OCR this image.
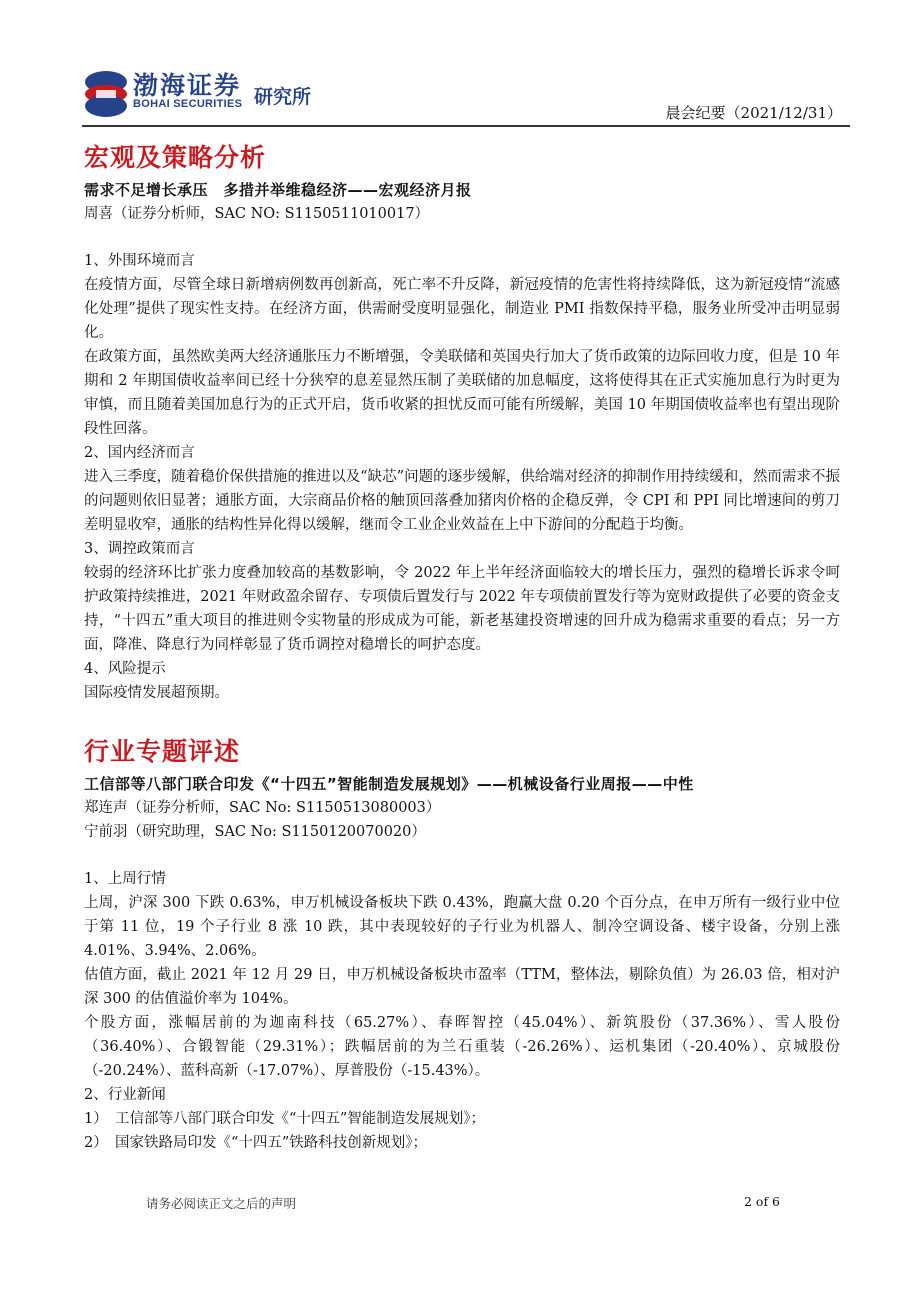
渤海证券
BOHAI SECURITIES 研究所
晨会纪要（2021/12/31）
宏观及策略分析
需求不足增长承压　多措并举维稳经济——宏观经济月报
周喜（证券分析师，SAC NO: S1150511010017）

1、外围环境而言

在疫情方面，尽管全球日新增病例数再创新高，死亡率不升反降，新冠疫情的危害性将持续降低，这为新冠疫情“流感化处理”提供了现实性支持。在经济方面，供需耐受度明显强化，制造业 PMI 指数保持平稳，服务业所受冲击明显弱化。

在政策方面，虽然欧美两大经济通胀压力不断增强，令美联储和英国央行加大了货币政策的边际回收力度，但是 10 年期和 2 年期国债收益率间已经十分狭窄的息差显然压制了美联储的加息幅度，这将使得其在正式实施加息行为时更为审慎，而且随着美国加息行为的正式开启，货币收紧的担忧反而可能有所缓解，美国 10 年期国债收益率也有望出现阶段性回落。

2、国内经济而言

进入三季度，随着稳价保供措施的推进以及“缺芯”问题的逐步缓解，供给端对经济的抑制作用持续缓和，然而需求不振的问题则依旧显著；通胀方面，大宗商品价格的触顶回落叠加猪肉价格的企稳反弹，令 CPI 和 PPI 同比增速间的剪刀差明显收窄，通胀的结构性异化得以缓解，继而令工业企业效益在上中下游间的分配趋于均衡。

3、调控政策而言

较弱的经济环比扩张力度叠加较高的基数影响，令 2022 年上半年经济面临较大的增长压力，强烈的稳增长诉求令呵护政策持续推进，2021 年财政盈余留存、专项债后置发行与 2022 年专项债前置发行等为宽财政提供了必要的资金支持，“十四五”重大项目的推进则令实物量的形成成为可能，新老基建投资增速的回升成为稳需求重要的看点；另一方面，降准、降息行为同样彰显了货币调控对稳增长的呵护态度。

4、风险提示

国际疫情发展超预期。

行业专题评述
工信部等八部门联合印发《“十四五”智能制造发展规划》——机械设备行业周报——中性
郑连声（证券分析师，SAC No: S1150513080003）
宁前羽（研究助理，SAC No: S1150120070020）

1、上周行情

上周，沪深 300 下跌 0.63%，申万机械设备板块下跌 0.43%，跑赢大盘 0.20 个百分点，在申万所有一级行业中位于第 11 位，19 个子行业 8 涨 10 跌，其中表现较好的子行业为机器人、制冷空调设备、楼宇设备，分别上涨 4.01%、3.94%、2.06%。

估值方面，截止 2021 年 12 月 29 日，申万机械设备板块市盈率（TTM，整体法，剔除负值）为 26.03 倍，相对沪深 300 的估值溢价率为 104%。

个股方面，涨幅居前的为迦南科技（65.27%）、春晖智控（45.04%）、新筑股份（37.36%）、雪人股份（36.40%）、合锻智能（29.31%）；跌幅居前的为兰石重装（-26.26%）、运机集团（-20.40%）、京城股份（-20.24%）、蓝科高新（-17.07%）、厚普股份（-15.43%）。

2、行业新闻

1）　工信部等八部门联合印发《“十四五”智能制造发展规划》；

2）　国家铁路局印发《“十四五”铁路科技创新规划》；

请务必阅读正文之后的声明	2 of 6
